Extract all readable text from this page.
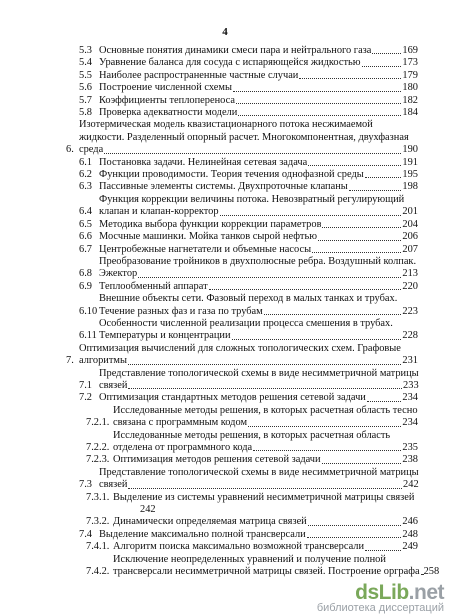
4
5.3 Основные понятия динамики смеси пара и нейтрального газа	169
5.4 Уравнение баланса для сосуда с испаряющейся жидкостью	173
5.5 Наиболее распространенные частные случаи	179
5.6 Построение численной схемы	180
5.7 Коэффициенты теплопереноса	182
5.8 Проверка адекватности модели	184
6.
Изотермическая модель квазистационарного потока несжимаемой
жидкости. Разделенный опорный расчет. Многокомпонентная, двухфазная
среда	190
6.1 Постановка задачи. Нелинейная сетевая задача	191
6.2 Функции проводимости. Теория течения однофазной среды	195
6.3 Пассивные элементы системы. Двухпроточные клапаны	198
6.4
Функция коррекции величины потока. Невозвратный регулирующий
клапан и клапан-корректор	201
6.5 Методика выбора функции коррекции параметров	204
6.6 Мосчные машинки. Мойка танков сырой нефтью	206
6.7 Центробежные нагнетатели и объемные насосы	207
6.8
Преобразование тройников в двухполюсные ребра. Воздушный колпак.
Эжектор	213
6.9 Теплообменный аппарат	220
6.10
Внешние объекты сети. Фазовый переход в малых танках и трубах.
Течение разных фаз и газа по трубам	223
6.11
Особенности численной реализации процесса смешения в трубах.
Температуры и концентрации	228
7.
Оптимизация вычислений для сложных топологических схем. Графовые
алгоритмы	231
7.1
Представление топологической схемы в виде несимметричной матрицы
связей	233
7.2 Оптимизация стандартных методов решения сетевой задачи	234
7.2.1.
Исследованные методы решения, в которых расчетная область тесно
связана с программным кодом	234
7.2.2.
Исследованные методы решения, в которых расчетная область
отделена от программного кода	235
7.2.3. Оптимизация методов решения сетевой задачи	238
7.3
Представление топологической схемы в виде несимметричной матрицы
связей	242
7.3.1. Выделение из системы уравнений несимметричной матрицы связей
242
7.3.2. Динамически определяемая матрица связей	246
7.4 Выделение максимально полной трансверсали	248
7.4.1. Алгоритм поиска максимально возможной трансверсали	249
7.4.2.
Исключение неопределенных уравнений и получение полной
трансверсали несимметричной матрицы связей. Построение орграфа 258
dsLib.net
библиотека диссертаций
